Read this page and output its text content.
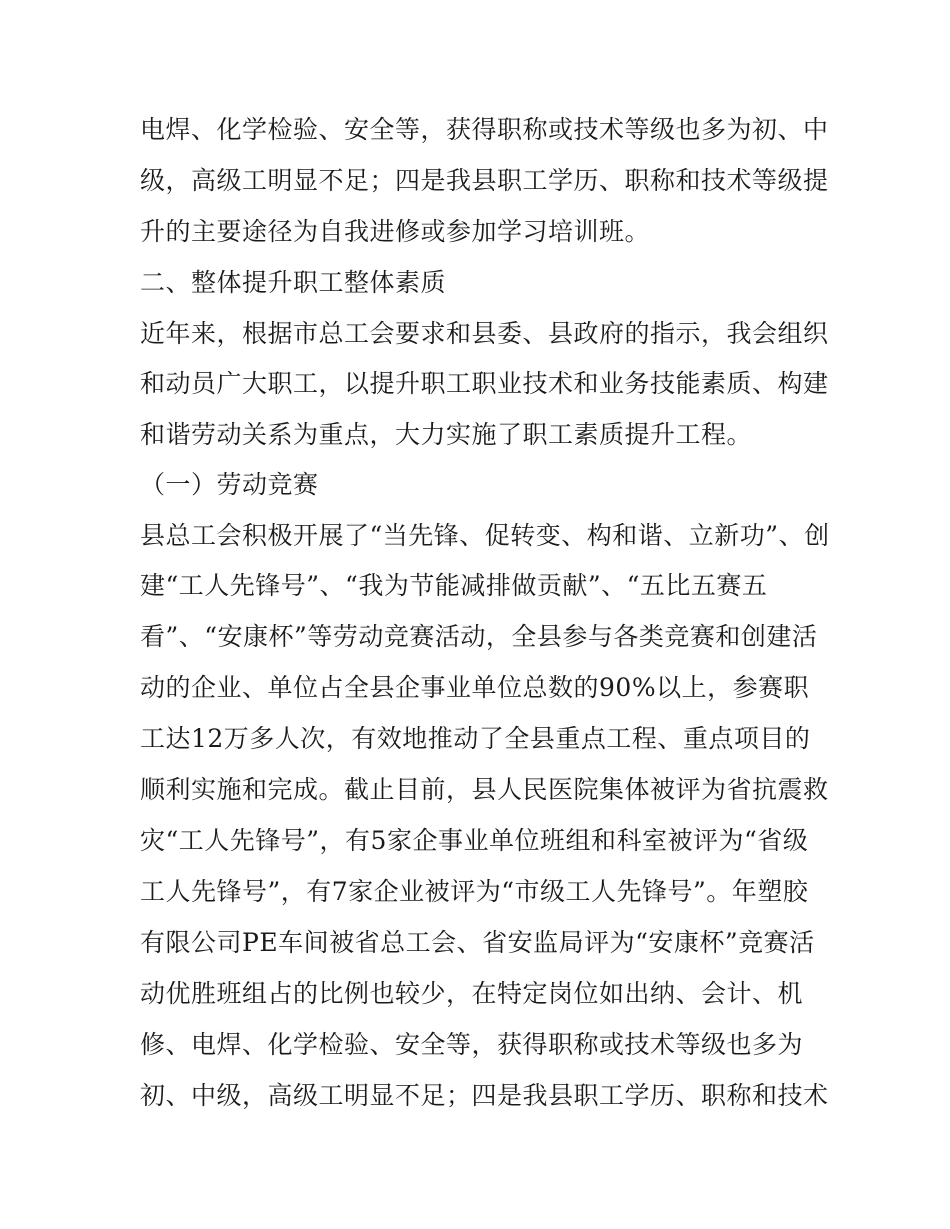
电焊、化学检验、安全等，获得职称或技术等级也多为初、中

级，高级工明显不足；四是我县职工学历、职称和技术等级提

升的主要途径为自我进修或参加学习培训班。

二、整体提升职工整体素质

近年来，根据市总工会要求和县委、县政府的指示，我会组织

和动员广大职工，以提升职工职业技术和业务技能素质、构建

和谐劳动关系为重点，大力实施了职工素质提升工程。

（一）劳动竞赛

县总工会积极开展了“当先锋、促转变、构和谐、立新功”、创

建“工人先锋号”、“我为节能减排做贡献”、“五比五赛五

看”、“安康杯”等劳动竞赛活动，全县参与各类竞赛和创建活

动的企业、单位占全县企事业单位总数的90%以上，参赛职

工达12万多人次，有效地推动了全县重点工程、重点项目的

顺利实施和完成。截止目前，县人民医院集体被评为省抗震救

灾“工人先锋号”，有5家企事业单位班组和科室被评为“省级

工人先锋号”，有7家企业被评为“市级工人先锋号”。年塑胶

有限公司PE车间被省总工会、省安监局评为“安康杯”竞赛活

动优胜班组占的比例也较少，在特定岗位如出纳、会计、机

修、电焊、化学检验、安全等，获得职称或技术等级也多为

初、中级，高级工明显不足；四是我县职工学历、职称和技术
